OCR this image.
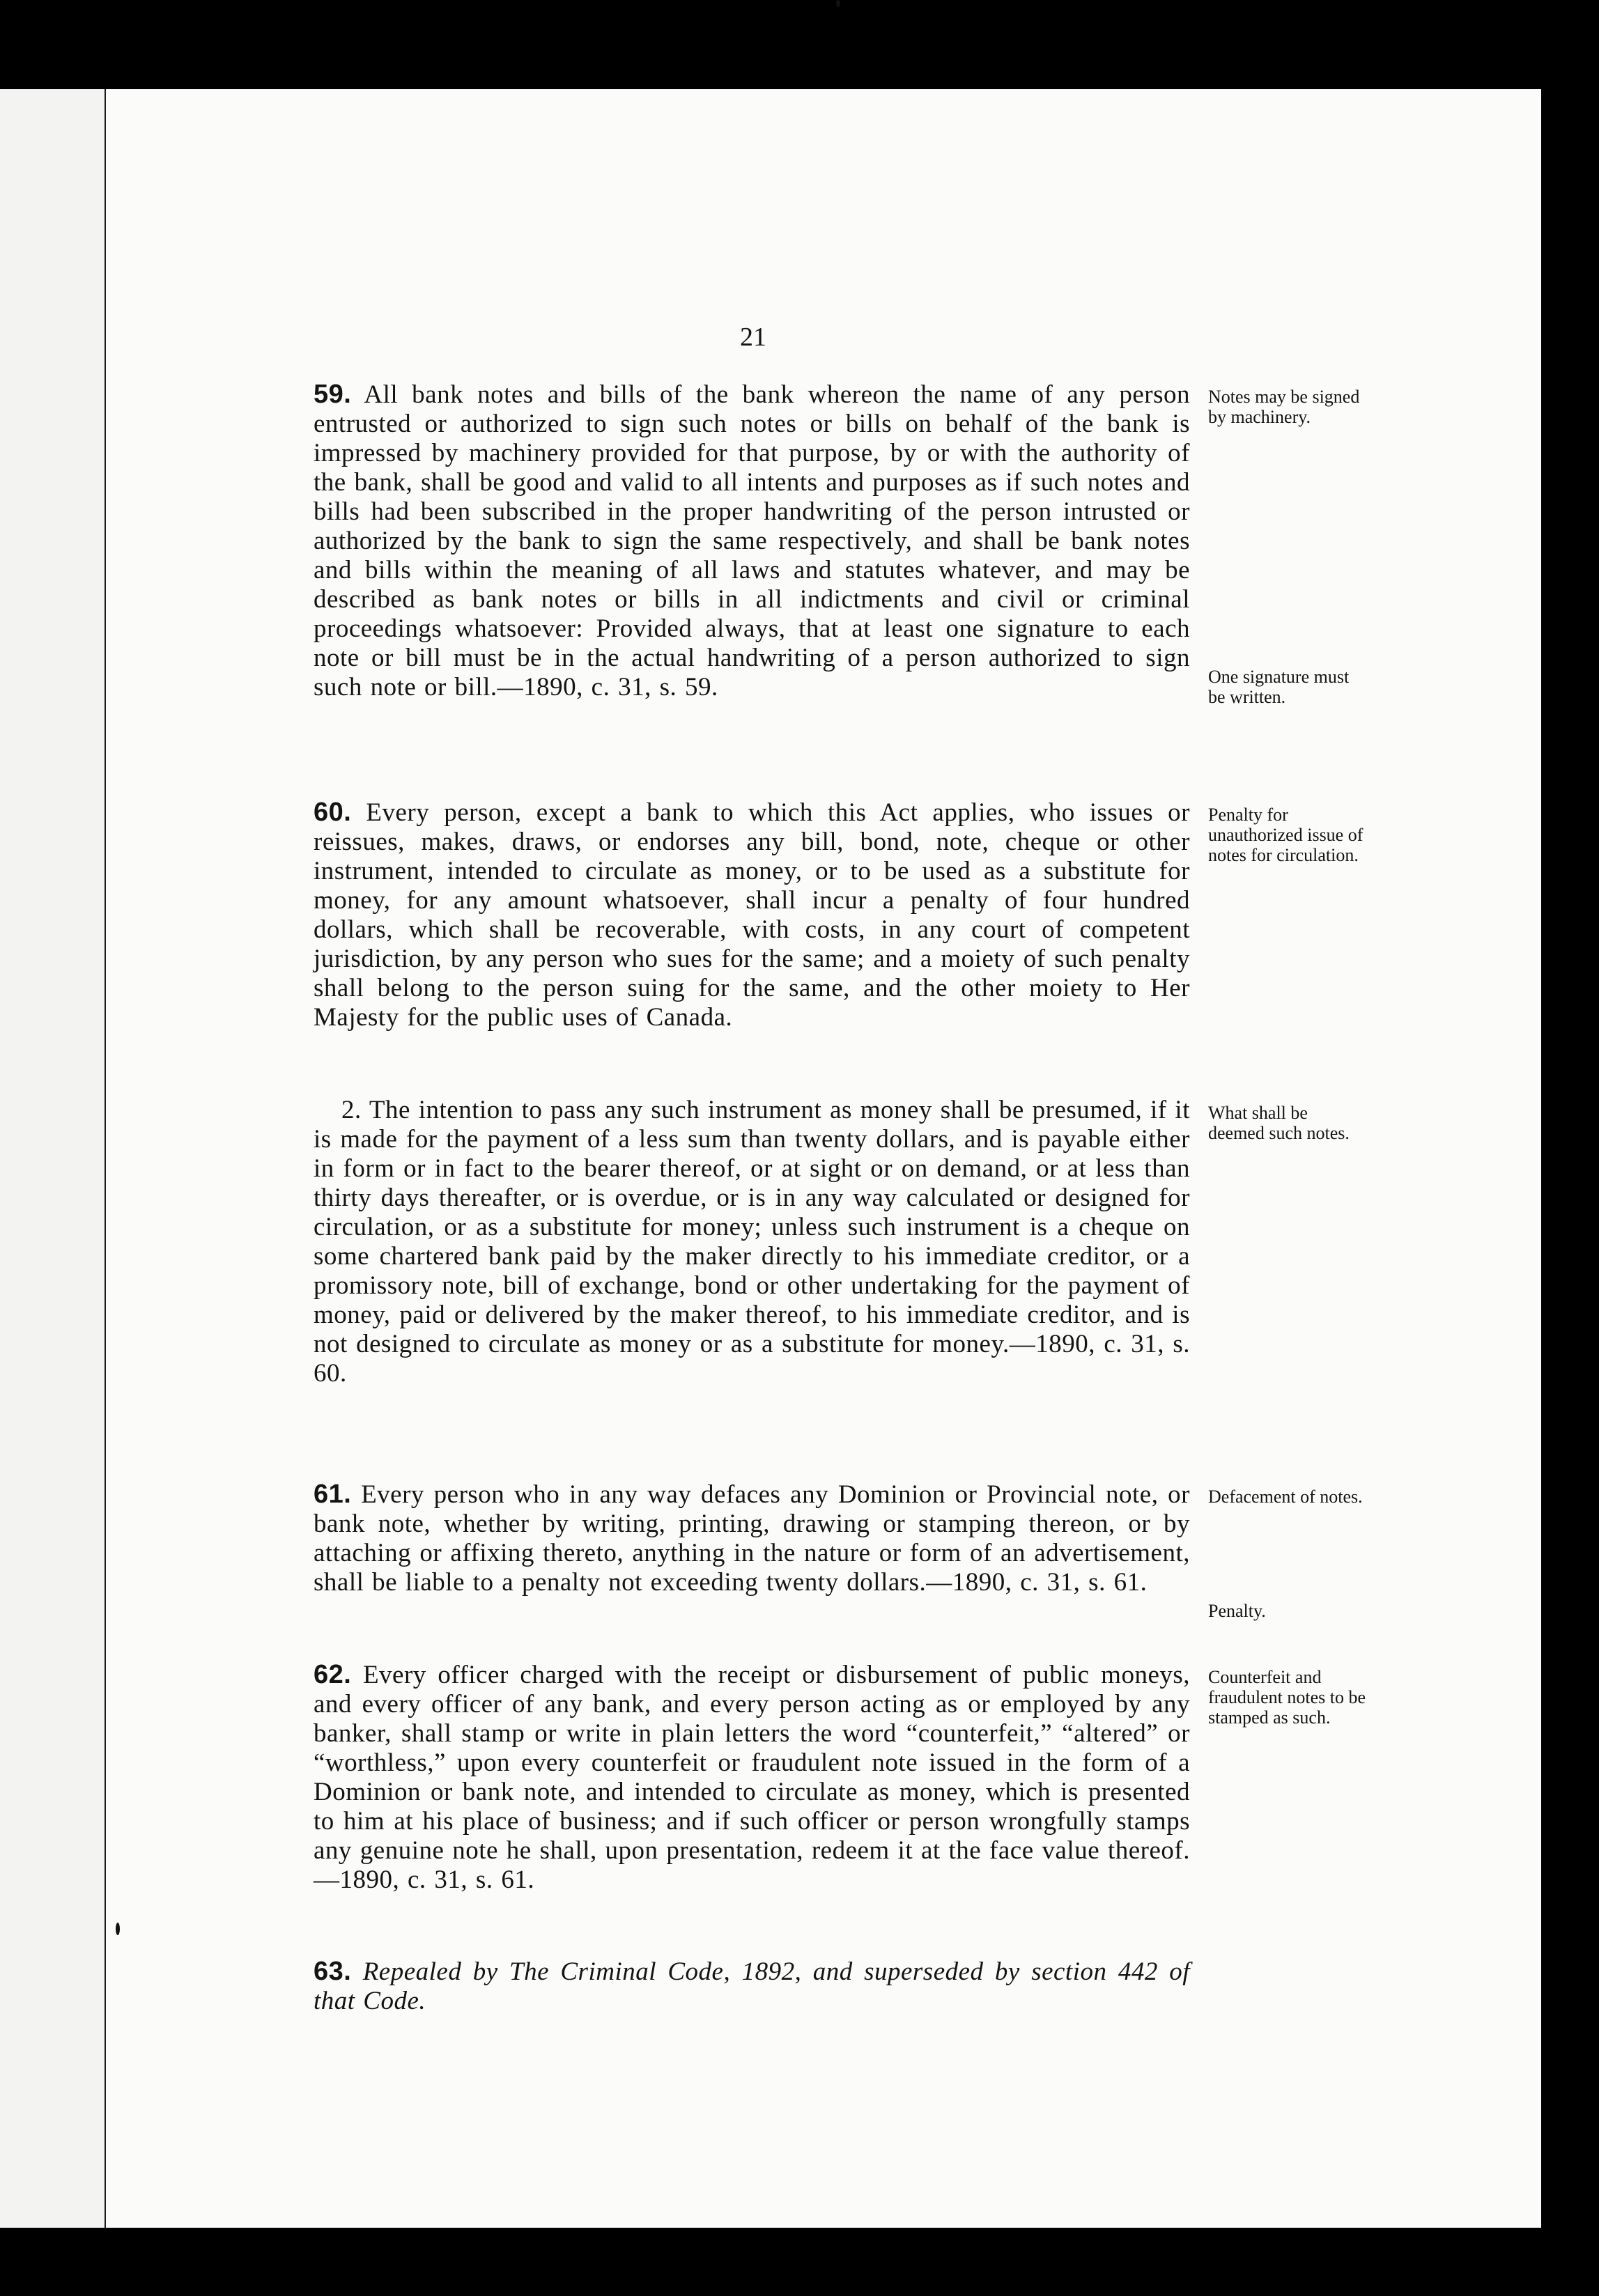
21
59. All bank notes and bills of the bank whereon the name of any person entrusted or authorized to sign such notes or bills on behalf of the bank is impressed by machinery provided for that purpose, by or with the authority of the bank, shall be good and valid to all intents and purposes as if such notes and bills had been subscribed in the proper handwriting of the person intrusted or authorized by the bank to sign the same respectively, and shall be bank notes and bills within the meaning of all laws and statutes whatever, and may be described as bank notes or bills in all indictments and civil or criminal proceedings whatsoever: Provided always, that at least one signature to each note or bill must be in the actual handwriting of a person authorized to sign such note or bill.—1890, c. 31, s. 59.
60. Every person, except a bank to which this Act applies, who issues or reissues, makes, draws, or endorses any bill, bond, note, cheque or other instrument, intended to circulate as money, or to be used as a substitute for money, for any amount whatsoever, shall incur a penalty of four hundred dollars, which shall be recoverable, with costs, in any court of competent jurisdiction, by any person who sues for the same; and a moiety of such penalty shall belong to the person suing for the same, and the other moiety to Her Majesty for the public uses of Canada.
2. The intention to pass any such instrument as money shall be presumed, if it is made for the payment of a less sum than twenty dollars, and is payable either in form or in fact to the bearer thereof, or at sight or on demand, or at less than thirty days thereafter, or is overdue, or is in any way calculated or designed for circulation, or as a substitute for money; unless such instrument is a cheque on some chartered bank paid by the maker directly to his immediate creditor, or a promissory note, bill of exchange, bond or other undertaking for the payment of money, paid or delivered by the maker thereof, to his immediate creditor, and is not designed to circulate as money or as a substitute for money.—1890, c. 31, s. 60.
61. Every person who in any way defaces any Dominion or Provincial note, or bank note, whether by writing, printing, drawing or stamping thereon, or by attaching or affixing thereto, anything in the nature or form of an advertisement, shall be liable to a penalty not exceeding twenty dollars.—1890, c. 31, s. 61.
62. Every officer charged with the receipt or disbursement of public moneys, and every officer of any bank, and every person acting as or employed by any banker, shall stamp or write in plain letters the word “counterfeit,” “altered” or “worthless,” upon every counterfeit or fraudulent note issued in the form of a Dominion or bank note, and intended to circulate as money, which is presented to him at his place of business; and if such officer or person wrongfully stamps any genuine note he shall, upon presentation, redeem it at the face value thereof.—1890, c. 31, s. 61.
63. Repealed by The Criminal Code, 1892, and superseded by section 442 of that Code.
Notes may be signed by machinery.
One signature must be written.
Penalty for unauthorized issue of notes for circulation.
What shall be deemed such notes.
Defacement of notes.
Penalty.
Counterfeit and fraudulent notes to be stamped as such.
